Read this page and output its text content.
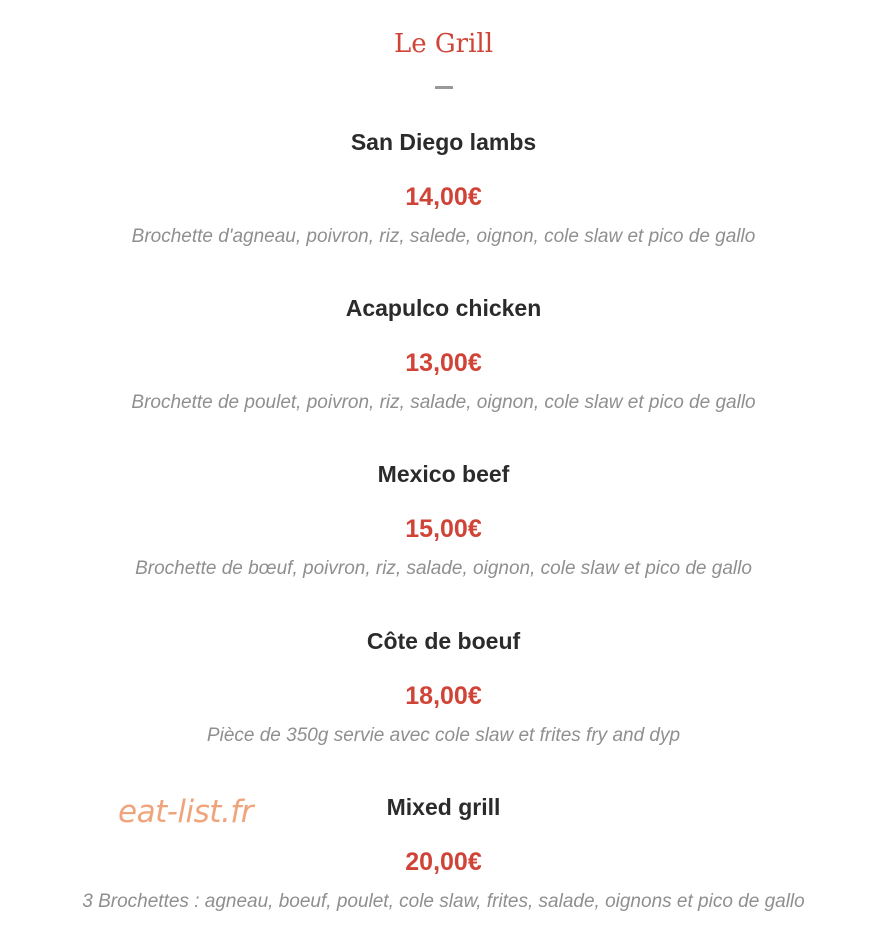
Le Grill
San Diego lambs
14,00€
Brochette d'agneau, poivron, riz, salede, oignon, cole slaw et pico de gallo
Acapulco chicken
13,00€
Brochette de poulet, poivron, riz, salade, oignon, cole slaw et pico de gallo
Mexico beef
15,00€
Brochette de bœuf, poivron, riz, salade, oignon, cole slaw et pico de gallo
Côte de boeuf
18,00€
Pièce de 350g servie avec cole slaw et frites fry and dyp
Mixed grill
20,00€
3 Brochettes : agneau, boeuf, poulet, cole slaw, frites, salade, oignons et pico de gallo
eat-list.fr
